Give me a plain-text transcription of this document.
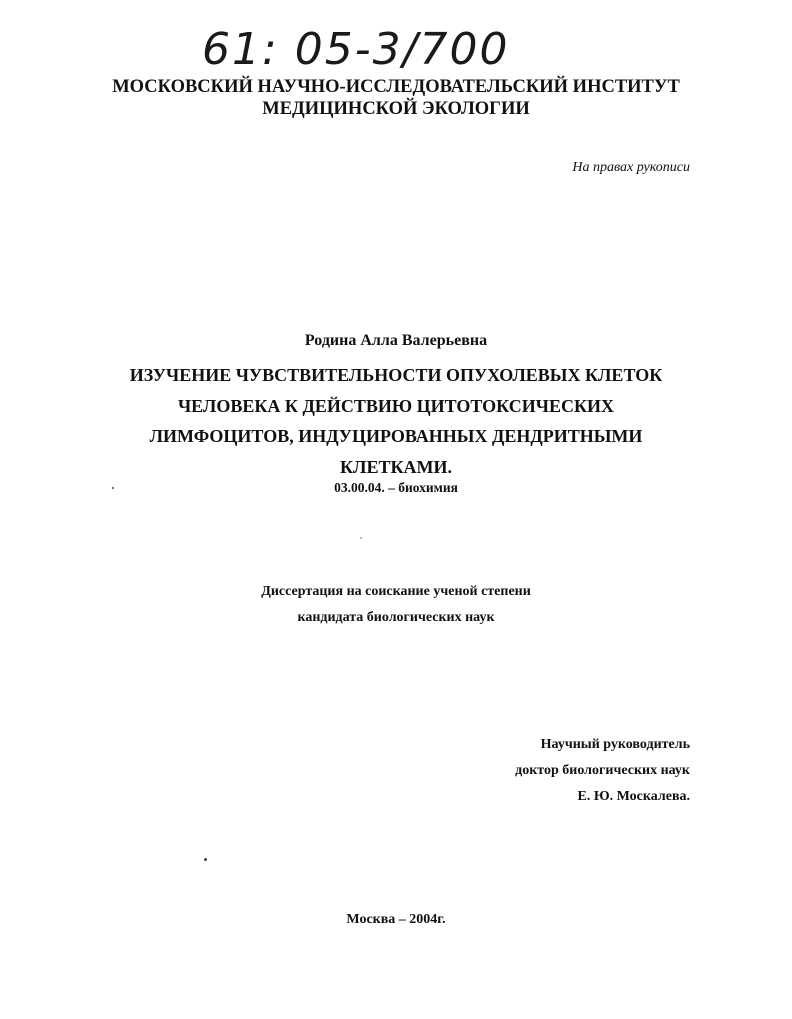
61: 05-3/700
МОСКОВСКИЙ НАУЧНО-ИССЛЕДОВАТЕЛЬСКИЙ ИНСТИТУТ
МЕДИЦИНСКОЙ ЭКОЛОГИИ
На правах рукописи
Родина Алла Валерьевна
ИЗУЧЕНИЕ ЧУВСТВИТЕЛЬНОСТИ ОПУХОЛЕВЫХ КЛЕТОК
ЧЕЛОВЕКА К ДЕЙСТВИЮ ЦИТОТОКСИЧЕСКИХ
ЛИМФОЦИТОВ, ИНДУЦИРОВАННЫХ ДЕНДРИТНЫМИ
КЛЕТКАМИ.
03.00.04. – биохимия
Диссертация на соискание ученой степени
кандидата биологических наук
Научный руководитель
доктор биологических наук
Е. Ю. Москалева.
Москва – 2004г.
